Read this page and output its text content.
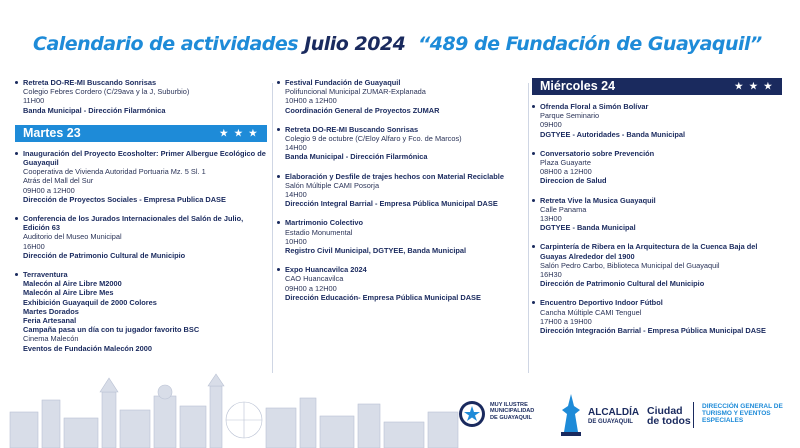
Calendario de actividades Julio 2024 “489 de Fundación de Guayaquil”
Retreta DO-RE-MI Buscando Sonrisas
Colegio Febres Cordero (C/29ava y la J, Suburbio)
11H00
Banda Municipal - Dirección Filarmónica
Martes 23	★ ★ ★
Inauguración del Proyecto Ecosholter: Primer Albergue Ecológico de Guayaquil
Cooperativa de Vivienda Autoridad Portuaria Mz. 5 Sl. 1
Atrás del Mall del Sur
09H00 a 12H00
Dirección de Proyectos Sociales - Empresa Publica DASE
Conferencia de los Jurados Internacionales del Salón de Julio, Edición 63
Auditorio del Museo Municipal
16H00
Dirección de Patrimonio Cultural de Municipio
Terraventura
Malecón al Aire Libre M2000
Malecón al Aire Libre Mes
Exhibición Guayaquil de 2000 Colores
Martes Dorados
Feria Artesanal
Campaña pasa un día con tu jugador favorito BSC
Cinema Malecón
Eventos de Fundación Malecón 2000
Festival Fundación de Guayaquil
Polifuncional Municipal ZUMAR-Explanada
10H00 a 12H00
Coordinación General de Proyectos ZUMAR
Retreta DO-RE-MI Buscando Sonrisas
Colegio 9 de octubre (C/Eloy Alfaro y Fco. de Marcos)
14H00
Banda Municipal - Dirección Filarmónica
Elaboración y Desfile de trajes hechos con Material Reciclable
Salón Múltiple CAMI Posorja
14H00
Dirección Integral Barrial - Empresa Pública Municipal DASE
Martrimonio Colectivo
Estadio Monumental
10H00
Registro Civil Municipal, DGTYEE, Banda Municipal
Expo Huancavilca 2024
CAO Huancavilca
09H00 a 12H00
Dirección Educación- Empresa Pública Municipal DASE
Miércoles 24	★ ★ ★
Ofrenda Floral a Simón Bolívar
Parque Seminario
09H00
DGTYEE - Autoridades - Banda Municipal
Conversatorio sobre Prevención
Plaza Guayarte
08H00 a 12H00
Direccion de Salud
Retreta Vive la Musica Guayaquil
Calle Panama
13H00
DGTYEE - Banda Municipal
Carpintería de Ribera en la Arquitectura de la Cuenca Baja del Guayas Alrededor del 1900
Salón Pedro Carbo, Biblioteca Municipal del Guayaquil
16H30
Dirección de Patrimonio Cultural del Municipio
Encuentro Deportivo Indoor Fútbol
Cancha Múltiple CAMI Tenguel
17H00 a 19H00
Dirección Integración Barrial - Empresa Pública Municipal DASE
MUY ILUSTRE MUNICIPALIDAD DE GUAYAQUIL	ALCALDÍA
DE GUAYAQUIL
Ciudad de todos
DIRECCIÓN GENERAL DE TURISMO Y EVENTOS ESPECIALES
